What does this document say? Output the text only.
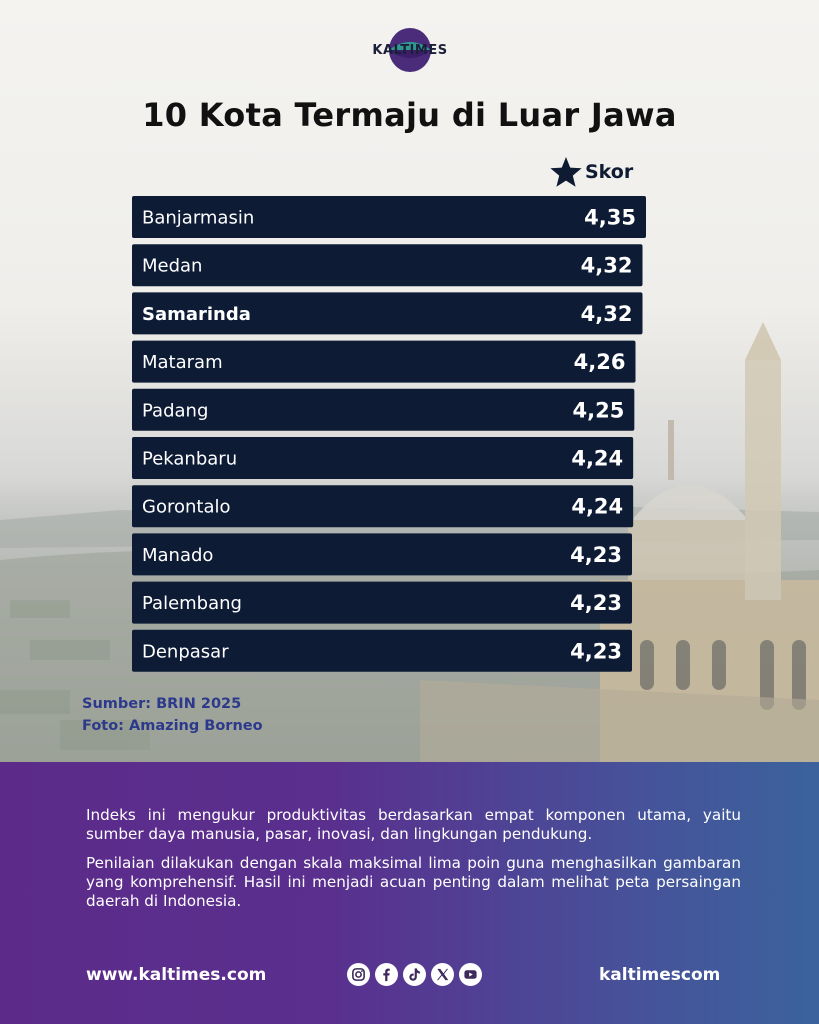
KALTIMES
10 Kota Termaju di Luar Jawa
Skor
Banjarmasin	4,35
Medan	4,32
Samarinda	4,32
Mataram	4,26
Padang	4,25
Pekanbaru	4,24
Gorontalo	4,24
Manado	4,23
Palembang	4,23
Denpasar	4,23
Sumber: BRIN 2025
Foto: Amazing Borneo

Indeks ini mengukur produktivitas berdasarkan empat komponen utama, yaitu sumber daya manusia, pasar, inovasi, dan lingkungan pendukung.

Penilaian dilakukan dengan skala maksimal lima poin guna menghasilkan gambaran yang komprehensif. Hasil ini menjadi acuan penting dalam melihat peta persaingan daerah di Indonesia.

www.kaltimes.com	kaltimescom
